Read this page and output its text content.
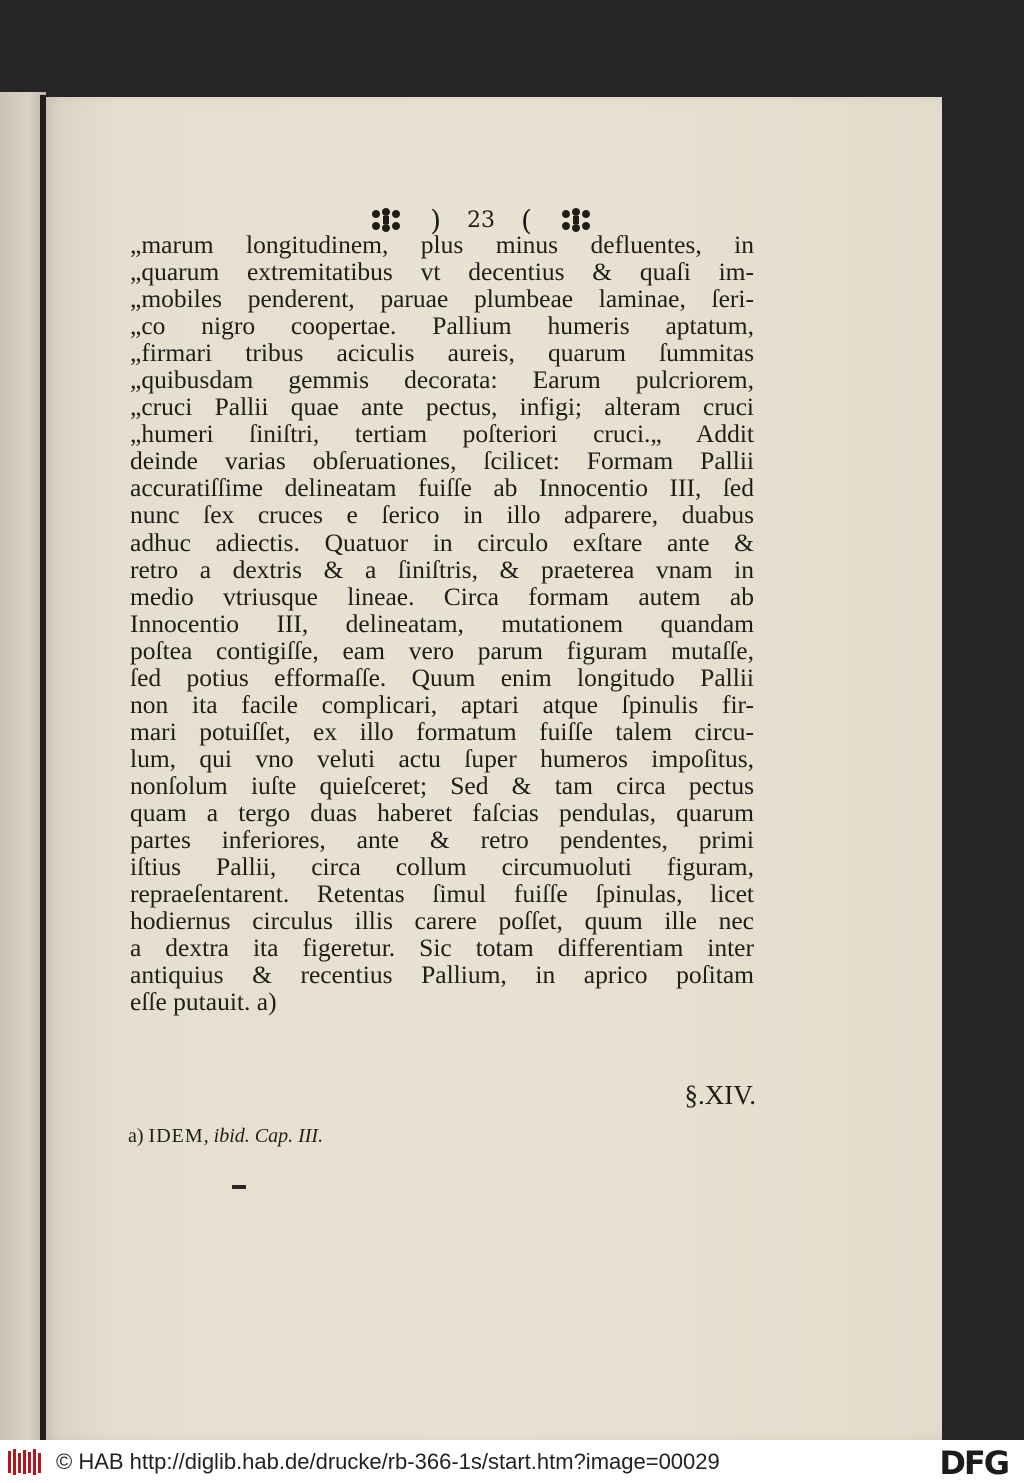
) 23 (
„marum longitudinem, plus minus defluentes, in
„quarum extremitatibus vt decentius & quaſi im-
„mobiles penderent, paruae plumbeae laminae, ſeri-
„co nigro coopertae. Pallium humeris aptatum,
„firmari tribus aciculis aureis, quarum ſummitas
„quibusdam gemmis decorata: Earum pulcriorem,
„cruci Pallii quae ante pectus, infigi; alteram cruci
„humeri ſiniſtri, tertiam poſteriori cruci.„ Addit
deinde varias obſeruationes, ſcilicet: Formam Pallii
accuratiſſime delineatam fuiſſe ab Innocentio III, ſed
nunc ſex cruces e ſerico in illo adparere, duabus
adhuc adiectis. Quatuor in circulo exſtare ante &
retro a dextris & a ſiniſtris, & praeterea vnam in
medio vtriusque lineae. Circa formam autem ab
Innocentio III, delineatam, mutationem quandam
poſtea contigiſſe, eam vero parum figuram mutaſſe,
ſed potius efformaſſe. Quum enim longitudo Pallii
non ita facile complicari, aptari atque ſpinulis fir-
mari potuiſſet, ex illo formatum fuiſſe talem circu-
lum, qui vno veluti actu ſuper humeros impoſitus,
nonſolum iuſte quieſceret; Sed & tam circa pectus
quam a tergo duas haberet faſcias pendulas, quarum
partes inferiores, ante & retro pendentes, primi
iſtius Pallii, circa collum circumuoluti figuram,
repraeſentarent. Retentas ſimul fuiſſe ſpinulas, licet
hodiernus circulus illis carere poſſet, quum ille nec
a dextra ita figeretur. Sic totam differentiam inter
antiquius & recentius Pallium, in aprico poſitam
eſſe putauit. a)
§.XIV.
a) IDEM, ibid. Cap. III.
© HAB http://diglib.hab.de/drucke/rb-366-1s/start.htm?image=00029	DFG
